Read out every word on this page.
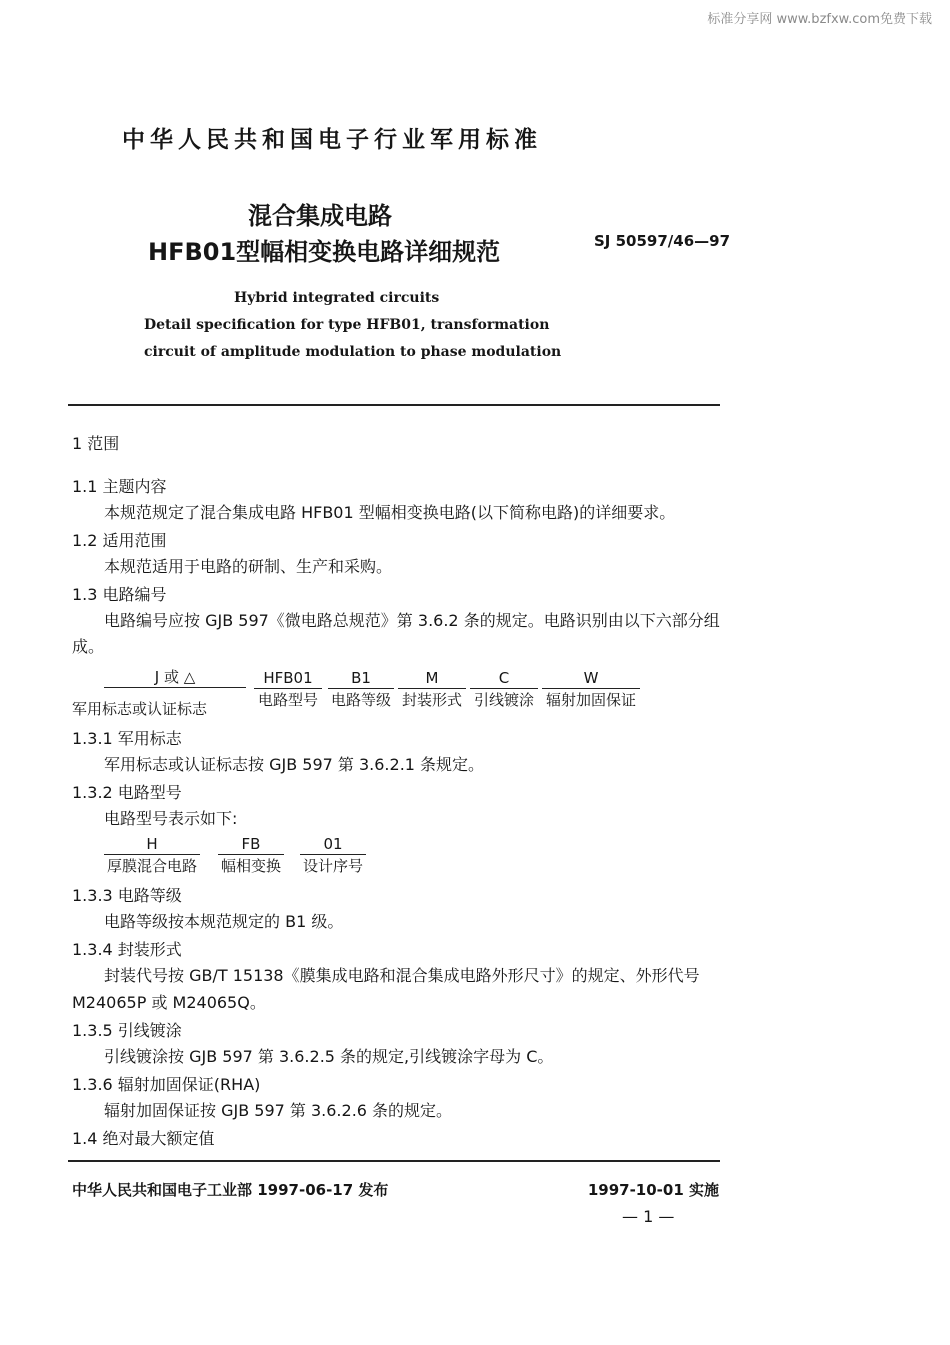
标准分享网 www.bzfxw.com免费下载
中华人民共和国电子行业军用标准
混合集成电路
HFB01型幅相变换电路详细规范	SJ 50597/46—97
Hybrid integrated circuits
Detail specification for type HFB01, transformation
circuit of amplitude modulation to phase modulation
1 范围
1.1 主题内容
本规范规定了混合集成电路 HFB01 型幅相变换电路(以下简称电路)的详细要求。
1.2 适用范围
本规范适用于电路的研制、生产和采购。
1.3 电路编号
电路编号应按 GJB 597《微电路总规范》第 3.6.2 条的规定。电路识别由以下六部分组
成。
J 或 △
军用标志或认证标志
HFB01
电路型号
B1
电路等级
M
封装形式
C
引线镀涂
W
辐射加固保证
1.3.1 军用标志
军用标志或认证标志按 GJB 597 第 3.6.2.1 条规定。
1.3.2 电路型号
电路型号表示如下:
H
厚膜混合电路
FB
幅相变换
01
设计序号
1.3.3 电路等级
电路等级按本规范规定的 B1 级。
1.3.4 封装形式
封装代号按 GB/T 15138《膜集成电路和混合集成电路外形尺寸》的规定、外形代号
M24065P 或 M24065Q。
1.3.5 引线镀涂
引线镀涂按 GJB 597 第 3.6.2.5 条的规定,引线镀涂字母为 C。
1.3.6 辐射加固保证(RHA)
辐射加固保证按 GJB 597 第 3.6.2.6 条的规定。
1.4 绝对最大额定值
中华人民共和国电子工业部 1997-06-17 发布	1997-10-01 实施
— 1 —
